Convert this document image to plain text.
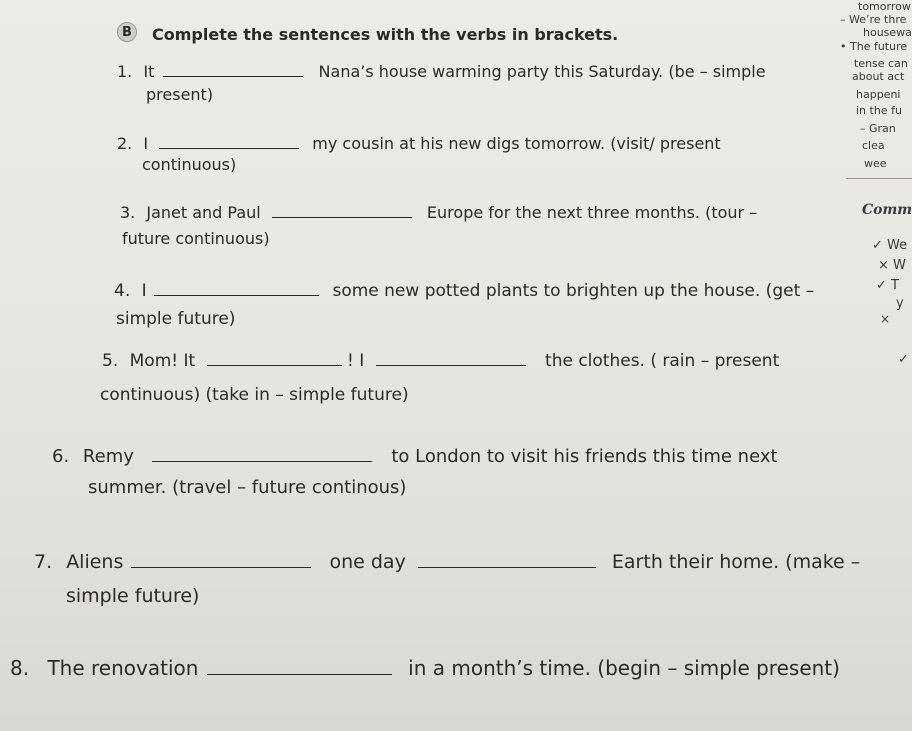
B Complete the sentences with the verbs in brackets.
1. It	Nana’s house warming party this Saturday. (be – simple
present)
2. I	my cousin at his new digs tomorrow. (visit/ present
continuous)
3. Janet and Paul	Europe for the next three months. (tour –
future continuous)
4. I	some new potted plants to brighten up the house. (get –
simple future)
5. Mom! It	! I	the clothes. ( rain – present
continuous) (take in – simple future)
6. Remy	to London to visit his friends this time next
summer. (travel – future continous)
7. Aliens	one day	Earth their home. (make –
simple future)
8. The renovation	in a month’s time. (begin – simple present)
tomorrow
– We’re thre
housewa
• The future
tense can
about act
happeni
in the fu
– Gran
clea
wee
Comm
✓ We
× W
✓ T
y
×
✓
